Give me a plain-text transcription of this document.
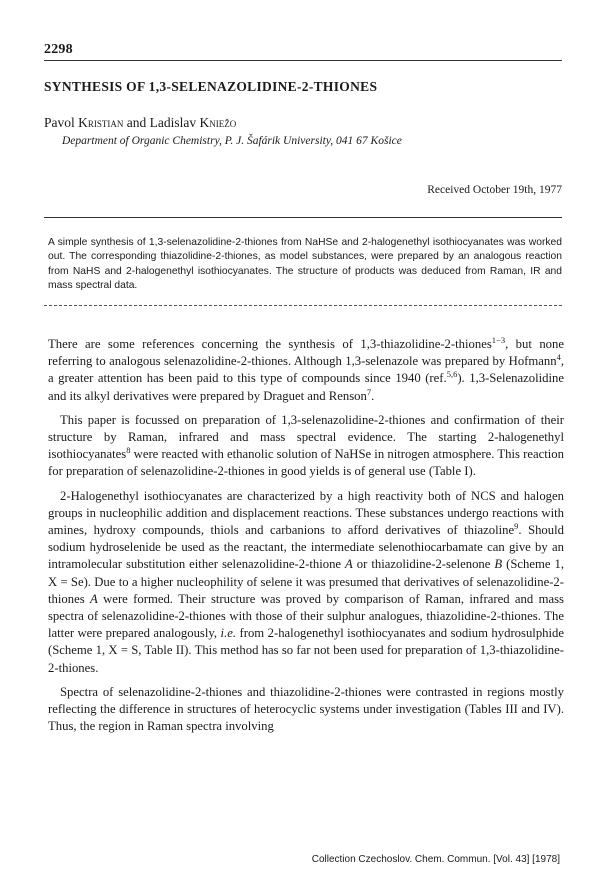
2298
SYNTHESIS OF 1,3-SELENAZOLIDINE-2-THIONES
Pavol Kristian and Ladislav Kniežo
Department of Organic Chemistry, P. J. Šafárik University, 041 67 Košice
Received October 19th, 1977
A simple synthesis of 1,3-selenazolidine-2-thiones from NaHSe and 2-halogenethyl isothiocyanates was worked out. The corresponding thiazolidine-2-thiones, as model substances, were prepared by an analogous reaction from NaHS and 2-halogenethyl isothiocyanates. The structure of products was deduced from Raman, IR and mass spectral data.

There are some references concerning the synthesis of 1,3-thiazolidine-2-thiones$^{1-3}$, but none referring to analogous selenazolidine-2-thiones. Although 1,3-selenazole was prepared by Hofmann$^4$, a greater attention has been paid to this type of compounds since 1940 (ref.$^{5,6}$). 1,3-Selenazolidine and its alkyl derivatives were prepared by Draguet and Renson$^7$.

This paper is focussed on preparation of 1,3-selenazolidine-2-thiones and confirmation of their structure by Raman, infrared and mass spectral evidence. The starting 2-halogenethyl isothiocyanates$^8$ were reacted with ethanolic solution of NaHSe in nitrogen atmosphere. This reaction for preparation of selenazolidine-2-thiones in good yields is of general use (Table I).

2-Halogenethyl isothiocyanates are characterized by a high reactivity both of NCS and halogen groups in nucleophilic addition and displacement reactions. These substances undergo reactions with amines, hydroxy compounds, thiols and carbanions to afford derivatives of thiazoline$^9$. Should sodium hydroselenide be used as the reactant, the intermediate selenothiocarbamate can give by an intramolecular substitution either selenazolidine-2-thione A or thiazolidine-2-selenone B (Scheme 1, X = Se). Due to a higher nucleophility of selene it was presumed that derivatives of selenazolidine-2-thiones A were formed. Their structure was proved by comparison of Raman, infrared and mass spectra of selenazolidine-2-thiones with those of their sulphur analogues, thiazolidine-2-thiones. The latter were prepared analogously, i.e. from 2-halogenethyl isothiocyanates and sodium hydrosulphide (Scheme 1, X = S, Table II). This method has so far not been used for preparation of 1,3-thiazolidine-2-thiones.

Spectra of selenazolidine-2-thiones and thiazolidine-2-thiones were contrasted in regions mostly reflecting the difference in structures of heterocyclic systems under investigation (Tables III and IV). Thus, the region in Raman spectra involving

Collection Czechoslov. Chem. Commun. [Vol. 43] [1978]
